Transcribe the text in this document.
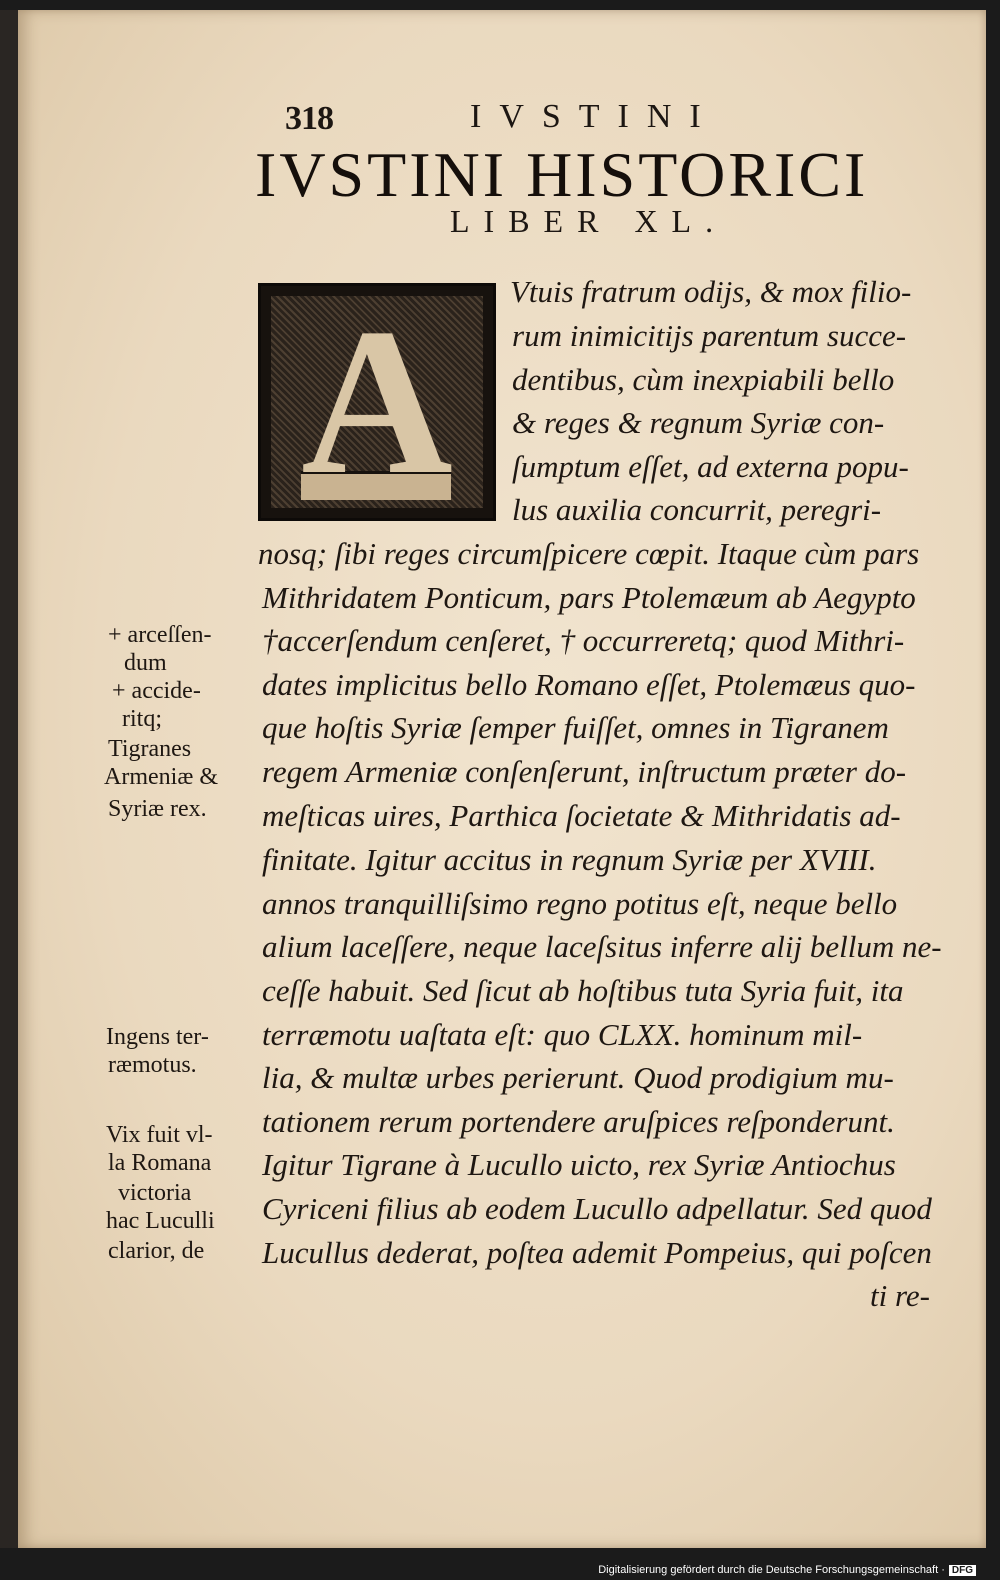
318	IVSTINI
IVSTINI HISTORICI
LIBER XL.
A	Vtuis fratrum odijs, & mox filio-
rum inimicitijs parentum succe-
dentibus, cùm inexpiabili bello
& reges & regnum Syriæ con-
ſumptum eſſet, ad externa popu-
lus auxilia concurrit, peregri-
nosq; ſibi reges circumſpicere cœpit. Itaque cùm pars
Mithridatem Ponticum, pars Ptolemæum ab Aegypto
†accerſendum cenſeret, † occurreretq; quod Mithri-
dates implicitus bello Romano eſſet, Ptolemæus quo-
que hoſtis Syriæ ſemper fuiſſet, omnes in Tigranem
regem Armeniæ conſenſerunt, inſtructum præter do-
meſticas uires, Parthica ſocietate & Mithridatis ad-
finitate. Igitur accitus in regnum Syriæ per XVIII.
annos tranquilliſsimo regno potitus eſt, neque bello
alium laceſſere, neque laceſsitus inferre alij bellum ne-
ceſſe habuit. Sed ſicut ab hoſtibus tuta Syria fuit, ita
terræmotu uaſtata eſt: quo CLXX. hominum mil-
lia, & multæ urbes perierunt. Quod prodigium mu-
tationem rerum portendere aruſpices reſponderunt.
Igitur Tigrane à Lucullo uicto, rex Syriæ Antiochus
Cyriceni filius ab eodem Lucullo adpellatur. Sed quod
Lucullus dederat, poſtea ademit Pompeius, qui poſcen
ti re-
+ arceſſen-
dum
+ accide-
ritq;
Tigranes
Armeniæ &
Syriæ rex.
Ingens ter-
ræmotus.
Vix fuit vl-
la Romana
victoria
hac Luculli
clarior, de
Digitalisierung gefördert durch die Deutsche Forschungsgemeinschaft · DFG
